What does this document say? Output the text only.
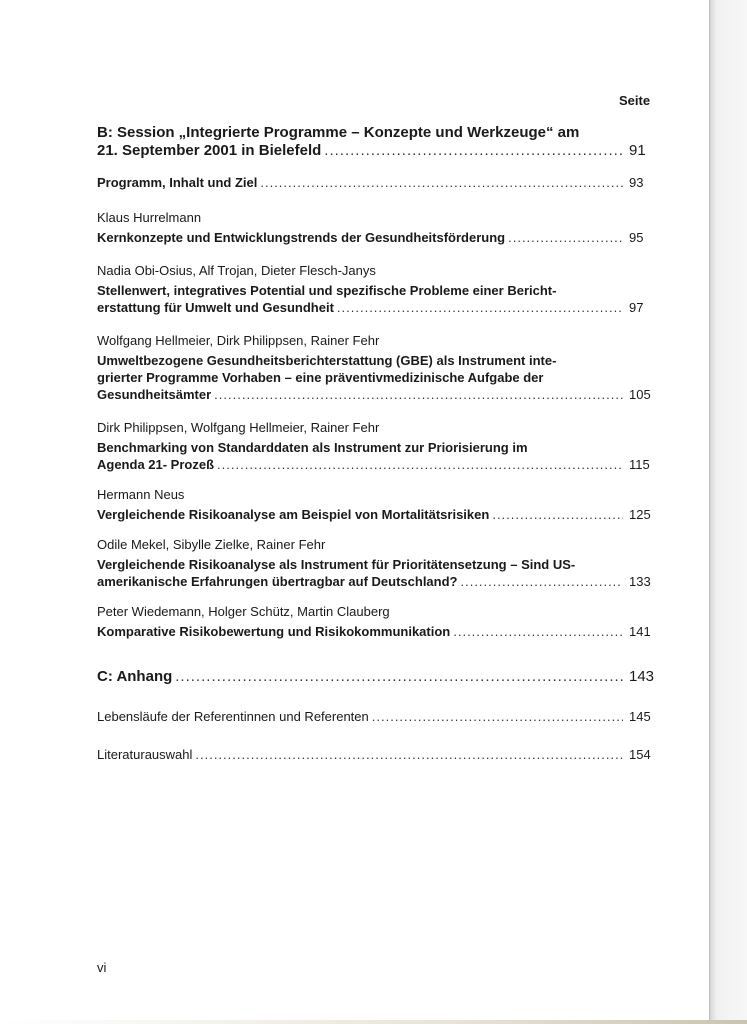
Seite
B: Session „Integrierte Programme – Konzepte und Werkzeuge“ am
21. September 2001 in Bielefeld .....	91
Programm, Inhalt und Ziel .....	93
Klaus Hurrelmann
Kernkonzepte und Entwicklungstrends der Gesundheitsförderung .....	95
Nadia Obi-Osius, Alf Trojan, Dieter Flesch-Janys
Stellenwert, integratives Potential und spezifische Probleme einer Bericht-
erstattung für Umwelt und Gesundheit .....	97
Wolfgang Hellmeier, Dirk Philippsen, Rainer Fehr
Umweltbezogene Gesundheitsberichterstattung (GBE) als Instrument inte-
grierter Programme Vorhaben – eine präventivmedizinische Aufgabe der
Gesundheitsämter .....	105
Dirk Philippsen, Wolfgang Hellmeier, Rainer Fehr
Benchmarking von Standarddaten als Instrument zur Priorisierung im
Agenda 21- Prozeß .....	115
Hermann Neus
Vergleichende Risikoanalyse am Beispiel von Mortalitätsrisiken .....	125
Odile Mekel, Sibylle Zielke, Rainer Fehr
Vergleichende Risikoanalyse als Instrument für Prioritätensetzung – Sind US-
amerikanische Erfahrungen übertragbar auf Deutschland? .....	133
Peter Wiedemann, Holger Schütz, Martin Clauberg
Komparative Risikobewertung und Risikokommunikation .....	141
C: Anhang .....	143
Lebensläufe der Referentinnen und Referenten .....	145
Literaturauswahl .....	154
vi
